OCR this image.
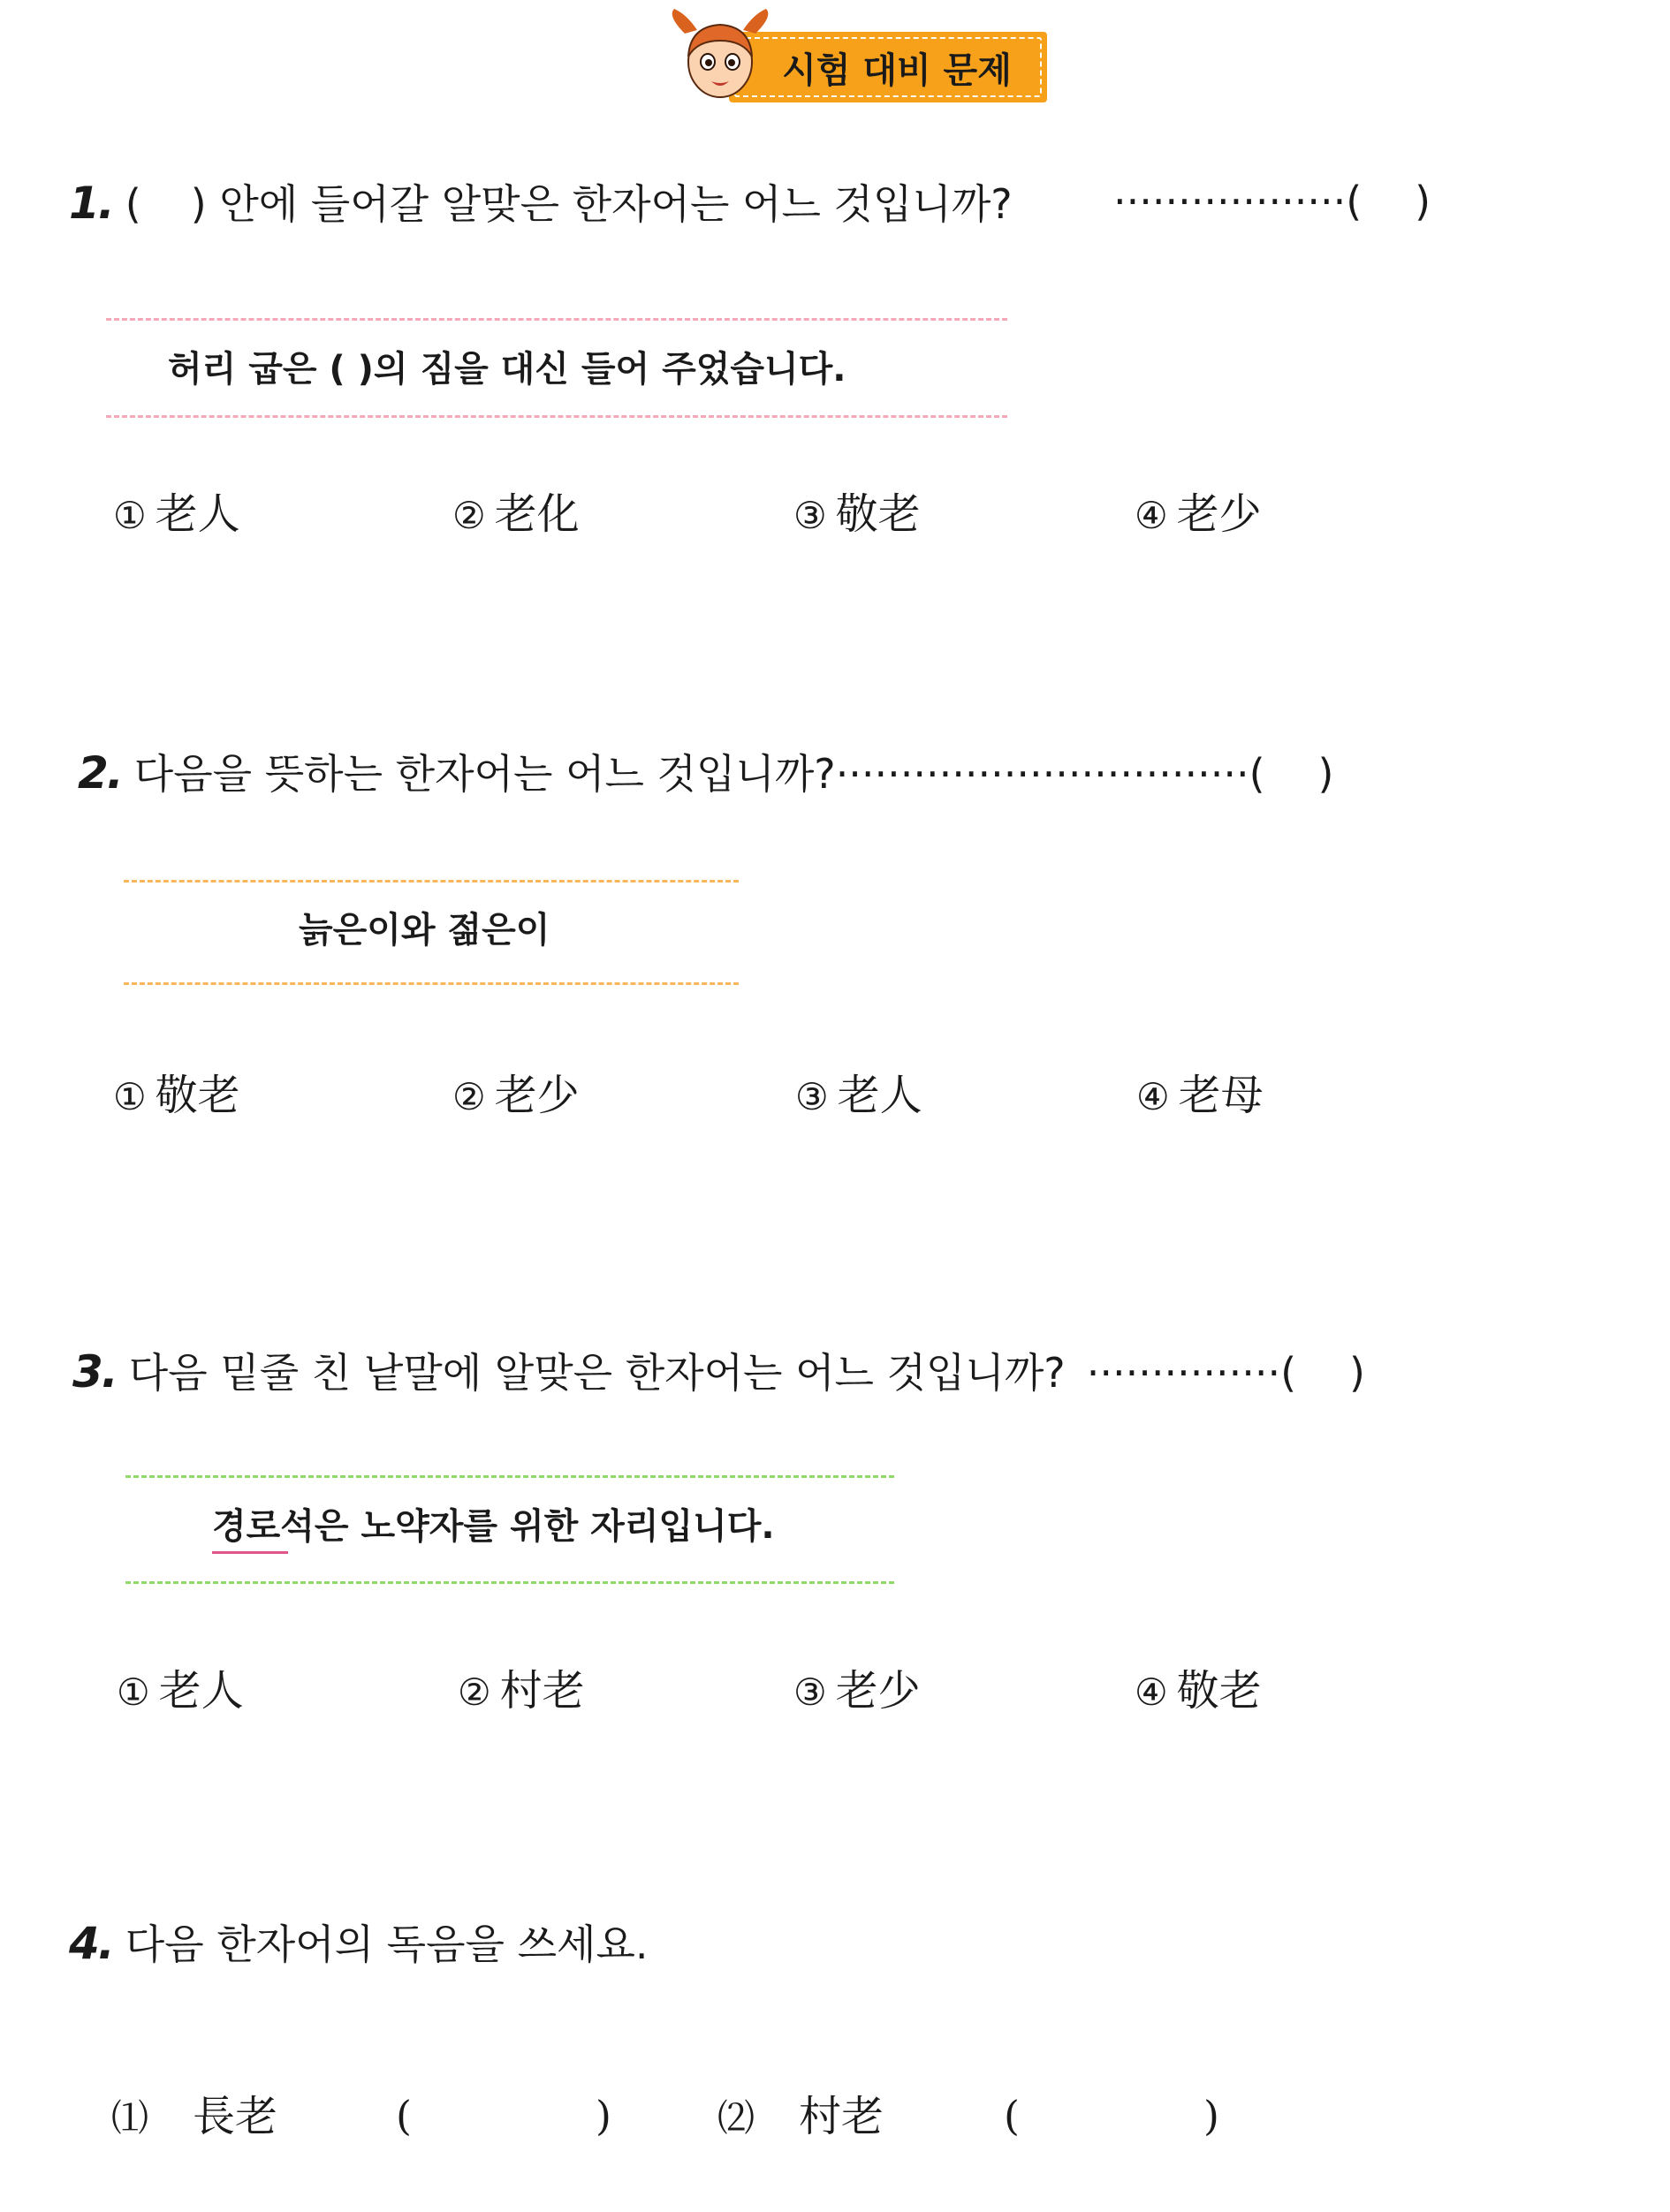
시험 대비 문제
1. ( ) 안에 들어갈 알맞은 한자어는 어느 것입니까? ··················( )
허리 굽은 ( )의 짐을 대신 들어 주었습니다.
① 老人	② 老化	③ 敬老	④ 老少
2. 다음을 뜻하는 한자어는 어느 것입니까?································( )
늙은이와 젊은이
① 敬老	② 老少	③ 老人	④ 老母
3. 다음 밑줄 친 낱말에 알맞은 한자어는 어느 것입니까? ···············( )
경로석은 노약자를 위한 자리입니다.
① 老人	② 村老	③ 老少	④ 敬老
4. 다음 한자어의 독음을 쓰세요.
⑴ 長老	(	)	⑵ 村老	(	)
